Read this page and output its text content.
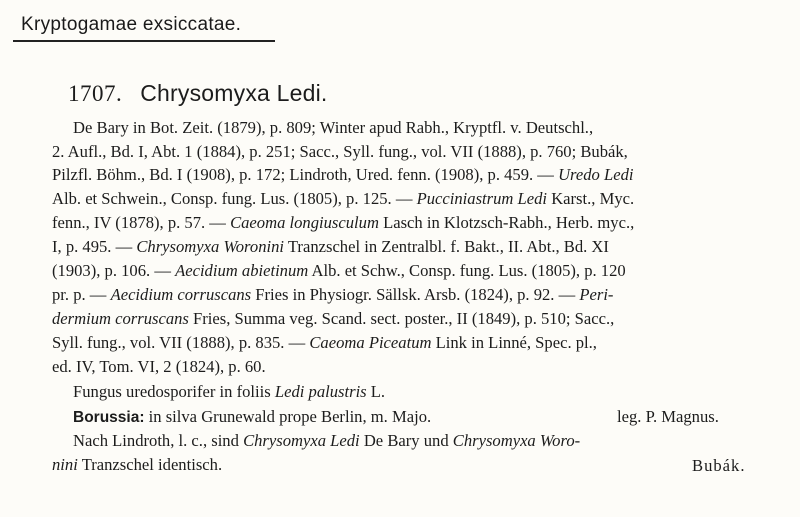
Kryptogamae exsiccatae.
1707. Chrysomyxa Ledi.
De Bary in Bot. Zeit. (1879), p. 809; Winter apud Rabh., Kryptfl. v. Deutschl.,
2. Aufl., Bd. I, Abt. 1 (1884), p. 251; Sacc., Syll. fung., vol. VII (1888), p. 760; Bubák,
Pilzfl. Böhm., Bd. I (1908), p. 172; Lindroth, Ured. fenn. (1908), p. 459. — Uredo Ledi
Alb. et Schwein., Consp. fung. Lus. (1805), p. 125. — Pucciniastrum Ledi Karst., Myc.
fenn., IV (1878), p. 57. — Caeoma longiusculum Lasch in Klotzsch-Rabh., Herb. myc.,
I, p. 495. — Chrysomyxa Woronini Tranzschel in Zentralbl. f. Bakt., II. Abt., Bd. XI
(1903), p. 106. — Aecidium abietinum Alb. et Schw., Consp. fung. Lus. (1805), p. 120
pr. p. — Aecidium corruscans Fries in Physiogr. Sällsk. Arsb. (1824), p. 92. — Peri-
dermium corruscans Fries, Summa veg. Scand. sect. poster., II (1849), p. 510; Sacc.,
Syll. fung., vol. VII (1888), p. 835. — Caeoma Piceatum Link in Linné, Spec. pl.,
ed. IV, Tom. VI, 2 (1824), p. 60.
Fungus uredosporifer in foliis Ledi palustris L.
Borussia: in silva Grunewald prope Berlin, m. Majo.	leg. P. Magnus.
Nach Lindroth, l. c., sind Chrysomyxa Ledi De Bary und Chrysomyxa Woro-
nini Tranzschel identisch.	Bubák.
